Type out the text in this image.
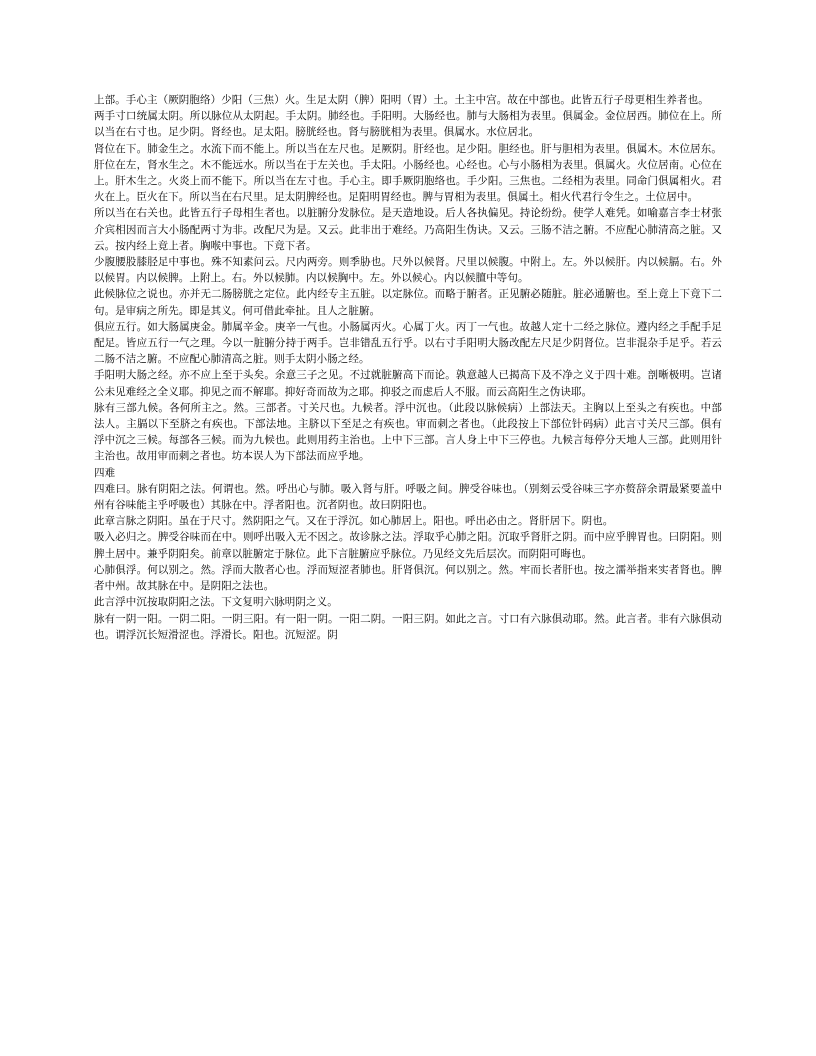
上部。手心主（厥阴胞络）少阳（三焦）火。生足太阴（脾）阳明（胃）土。土主中宫。故在中部也。此皆五行子母更相生养者也。

两手寸口统属太阴。所以脉位从太阴起。手太阴。肺经也。手阳明。大肠经也。肺与大肠相为表里。俱属金。金位居西。肺位在上。所以当在右寸也。足少阴。肾经也。足太阳。膀胱经也。肾与膀胱相为表里。俱属水。水位居北。

肾位在下。肺金生之。水流下而不能上。所以当在左尺也。足厥阴。肝经也。足少阳。胆经也。肝与胆相为表里。俱属木。木位居东。肝位在左，肾水生之。木不能远水。所以当在于左关也。手太阳。小肠经也。心经也。心与小肠相为表里。俱属火。火位居南。心位在上。肝木生之。火炎上而不能下。所以当在左寸也。手心主。即手厥阴胞络也。手少阳。三焦也。二经相为表里。同命门俱属相火。君火在上。臣火在下。所以当在右尺里。足太阴脾经也。足阳明胃经也。脾与胃相为表里。俱属土。相火代君行令生之。土位居中。

所以当在右关也。此皆五行子母相生者也。以脏腑分发脉位。是天造地设。后人各执偏见。持论纷纷。使学人难凭。如喻嘉言李士材张介宾相因而言大小肠配两寸为非。改配尺为是。又云。此非出于难经。乃高阳生伪诀。又云。三肠不洁之腑。不应配心肺清高之脏。又云。按内经上竟上者。胸喉中事也。下竟下者。

少腹腰股膝胫足中事也。殊不知素问云。尺内两旁。则季胁也。尺外以候肾。尺里以候腹。中附上。左。外以候肝。内以候膈。右。外以候胃。内以候脾。上附上。右。外以候肺。内以候胸中。左。外以候心。内以候膻中等句。

此候脉位之说也。亦并无二肠膀胱之定位。此内经专主五脏。以定脉位。而略于腑者。正见腑必随脏。脏必通腑也。至上竟上下竟下二句。是审病之所先。即是其义。何可借此牵扯。且人之脏腑。

俱应五行。如大肠属庚金。肺属辛金。庚辛一气也。小肠属丙火。心属丁火。丙丁一气也。故越人定十二经之脉位。遵内经之手配手足配足。皆应五行一气之理。今以一脏腑分持于两手。岂非错乱五行乎。以右寸手阳明大肠改配左尺足少阴肾位。岂非混杂手足乎。若云二肠不洁之腑。不应配心肺清高之脏。则手太阴小肠之经。

手阳明大肠之经。亦不应上至于头矣。余意三子之见。不过就脏腑高下而论。孰意越人已揭高下及不净之义于四十难。剖晰极明。岂诸公未见难经之全义耶。抑见之而不解耶。抑好奇而故为之耶。抑驳之而虑后人不服。而云高阳生之伪诀耶。

脉有三部九候。各何所主之。然。三部者。寸关尺也。九候者。浮中沉也。（此段以脉候病）上部法天。主胸以上至头之有疾也。中部法人。主膈以下至脐之有疾也。下部法地。主脐以下至足之有疾也。审而刺之者也。（此段按上下部位针码病）此言寸关尺三部。俱有浮中沉之三候。每部各三候。而为九候也。此则用药主治也。上中下三部。言人身上中下三停也。九候言每停分天地人三部。此则用针主治也。故用审而刺之者也。坊本误人为下部法而应乎地。

四难

四难曰。脉有阴阳之法。何谓也。然。呼出心与肺。吸入肾与肝。呼吸之间。脾受谷味也。（别刻云受谷味三字亦赘辞余谓最紧要盖中州有谷味能主乎呼吸也）其脉在中。浮者阳也。沉者阴也。故曰阴阳也。

此章言脉之阴阳。虽在于尺寸。然阴阳之气。又在于浮沉。如心肺居上。阳也。呼出必由之。肾肝居下。阴也。

吸入必归之。脾受谷味而在中。则呼出吸入无不因之。故诊脉之法。浮取乎心肺之阳。沉取乎肾肝之阴。而中应乎脾胃也。曰阴阳。则脾土居中。兼乎阴阳矣。前章以脏腑定于脉位。此下言脏腑应乎脉位。乃见经文先后层次。而阴阳可晦也。

心肺俱浮。何以别之。然。浮而大散者心也。浮而短涩者肺也。肝肾俱沉。何以别之。然。牢而长者肝也。按之濡举指来实者肾也。脾者中州。故其脉在中。是阴阳之法也。

此言浮中沉按取阴阳之法。下文复明六脉明阴之义。

脉有一阴一阳。一阴二阳。一阴三阳。有一阳一阴。一阳二阴。一阳三阴。如此之言。寸口有六脉俱动耶。然。此言者。非有六脉俱动也。谓浮沉长短滑涩也。浮滑长。阳也。沉短涩。阴
